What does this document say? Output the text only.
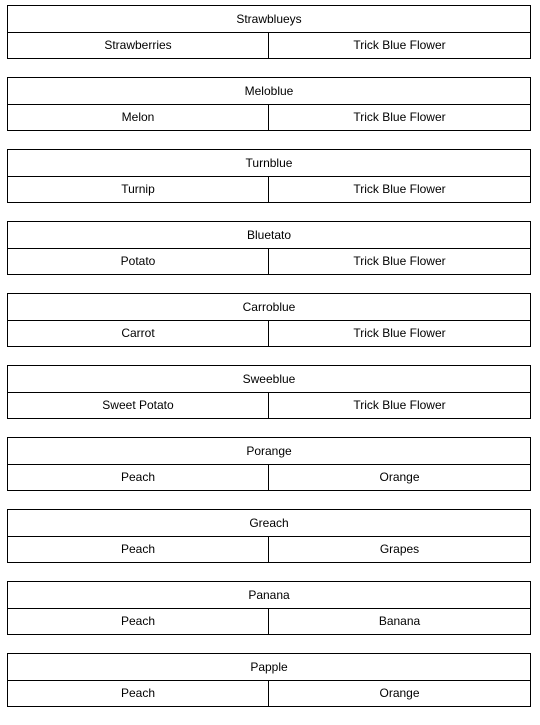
Strawblueys
Strawberries	Trick Blue Flower
Meloblue
Melon	Trick Blue Flower
Turnblue
Turnip	Trick Blue Flower
Bluetato
Potato	Trick Blue Flower
Carroblue
Carrot	Trick Blue Flower
Sweeblue
Sweet Potato	Trick Blue Flower
Porange
Peach	Orange
Greach
Peach	Grapes
Panana
Peach	Banana
Papple
Peach	Orange
